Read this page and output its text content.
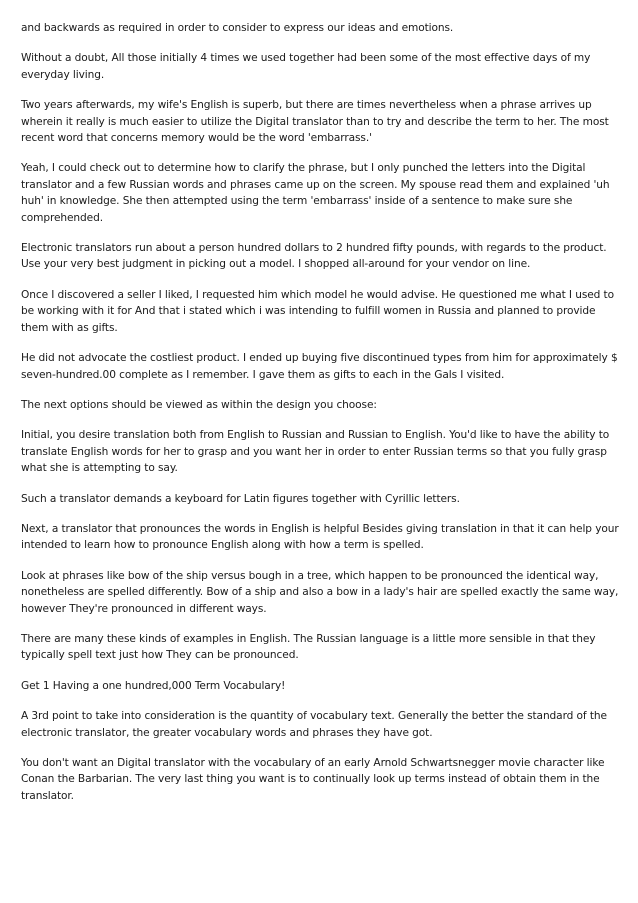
and backwards as required in order to consider to express our ideas and emotions.

Without a doubt, All those initially 4 times we used together had been some of the most effective days of my everyday living.

Two years afterwards, my wife's English is superb, but there are times nevertheless when a phrase arrives up wherein it really is much easier to utilize the Digital translator than to try and describe the term to her. The most recent word that concerns memory would be the word 'embarrass.'

Yeah, I could check out to determine how to clarify the phrase, but I only punched the letters into the Digital translator and a few Russian words and phrases came up on the screen. My spouse read them and explained 'uh huh' in knowledge. She then attempted using the term 'embarrass' inside of a sentence to make sure she comprehended.

Electronic translators run about a person hundred dollars to 2 hundred fifty pounds, with regards to the product. Use your very best judgment in picking out a model. I shopped all-around for your vendor on line.

Once I discovered a seller I liked, I requested him which model he would advise. He questioned me what I used to be working with it for And that i stated which i was intending to fulfill women in Russia and planned to provide them with as gifts.

He did not advocate the costliest product. I ended up buying five discontinued types from him for approximately $ seven-hundred.00 complete as I remember. I gave them as gifts to each in the Gals I visited.

The next options should be viewed as within the design you choose:

Initial, you desire translation both from English to Russian and Russian to English. You'd like to have the ability to translate English words for her to grasp and you want her in order to enter Russian terms so that you fully grasp what she is attempting to say.

Such a translator demands a keyboard for Latin figures together with Cyrillic letters.

Next, a translator that pronounces the words in English is helpful Besides giving translation in that it can help your intended to learn how to pronounce English along with how a term is spelled.

Look at phrases like bow of the ship versus bough in a tree, which happen to be pronounced the identical way, nonetheless are spelled differently. Bow of a ship and also a bow in a lady's hair are spelled exactly the same way, however They're pronounced in different ways.

There are many these kinds of examples in English. The Russian language is a little more sensible in that they typically spell text just how They can be pronounced.

Get 1 Having a one hundred,000 Term Vocabulary!

A 3rd point to take into consideration is the quantity of vocabulary text. Generally the better the standard of the electronic translator, the greater vocabulary words and phrases they have got.

You don't want an Digital translator with the vocabulary of an early Arnold Schwartsnegger movie character like Conan the Barbarian. The very last thing you want is to continually look up terms instead of obtain them in the translator.
